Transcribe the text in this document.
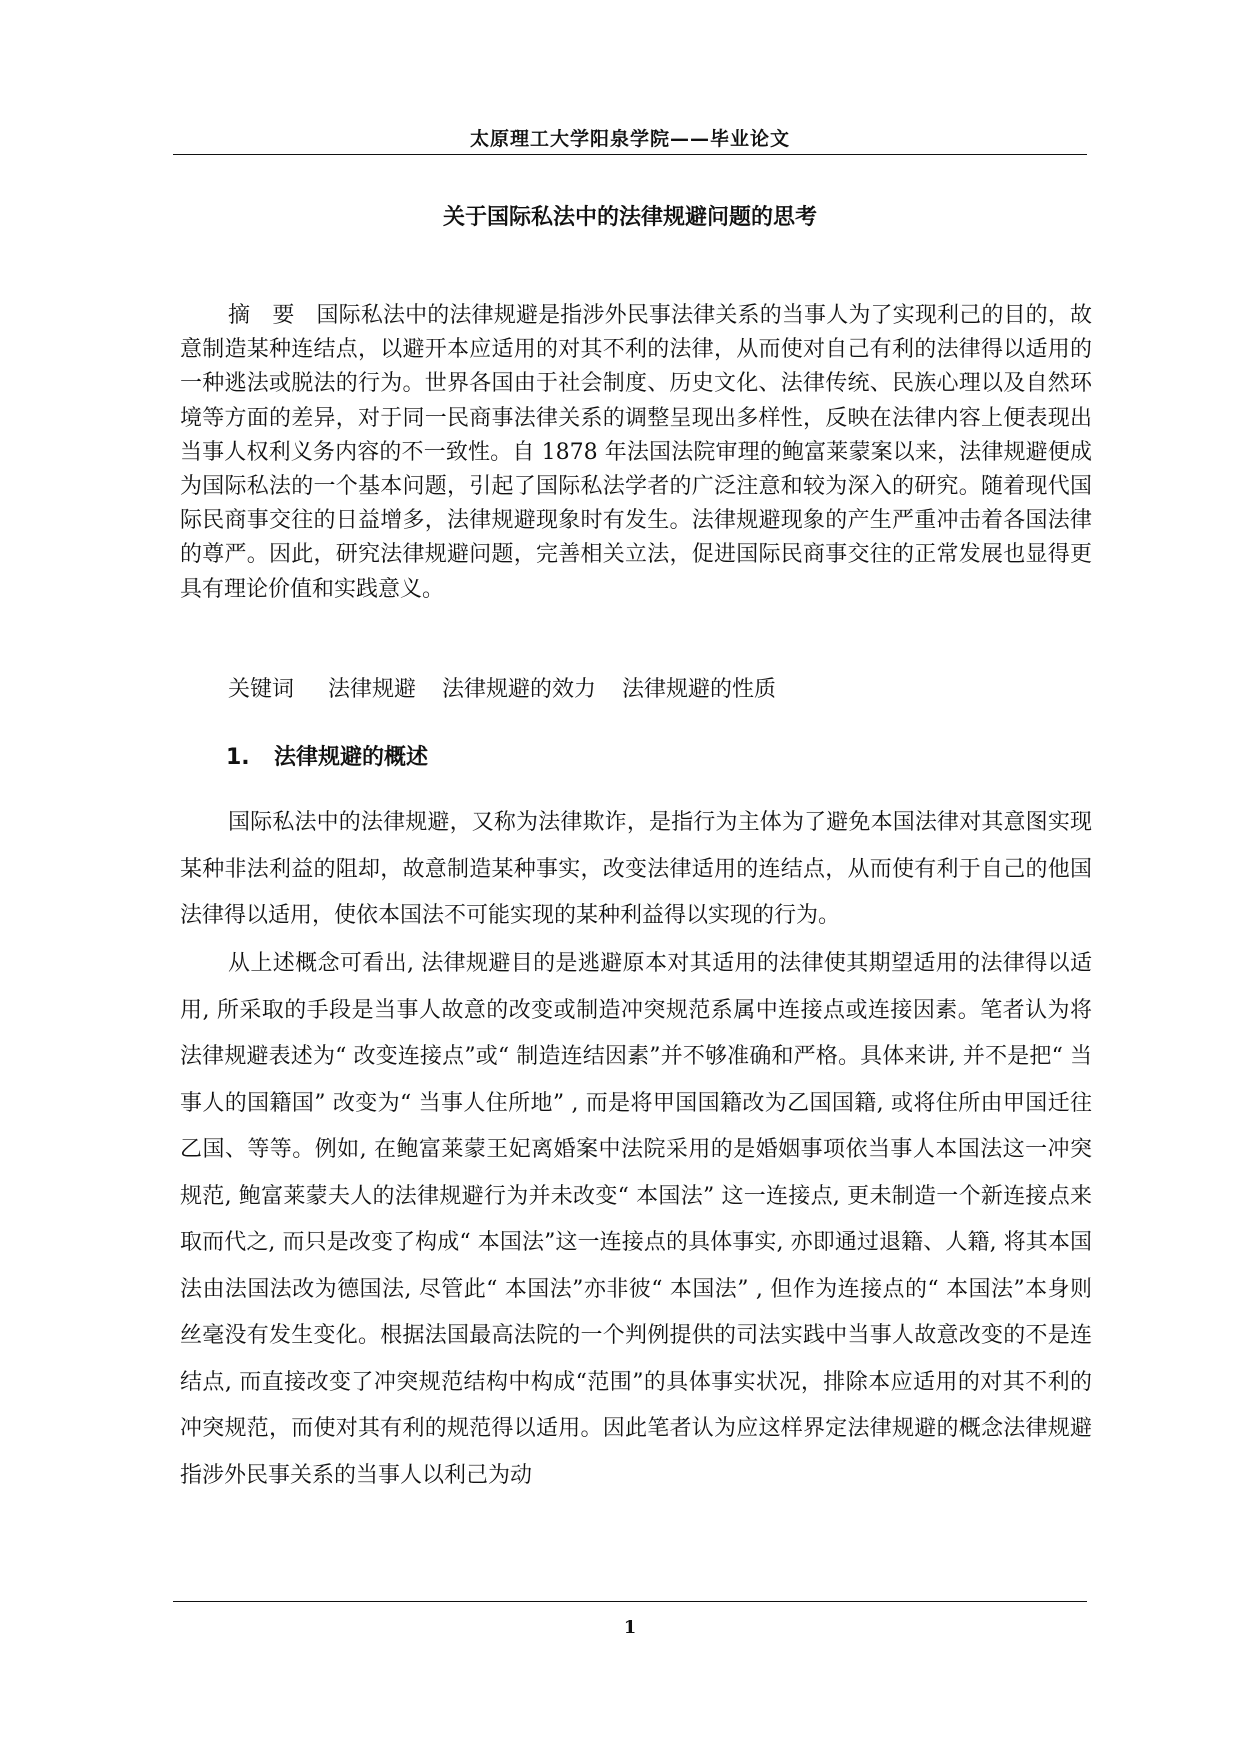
太原理工大学阳泉学院——毕业论文
关于国际私法中的法律规避问题的思考

摘 要 国际私法中的法律规避是指涉外民事法律关系的当事人为了实现利己的目的，故意制造某种连结点，以避开本应适用的对其不利的法律，从而使对自己有利的法律得以适用的一种逃法或脱法的行为。世界各国由于社会制度、历史文化、法律传统、民族心理以及自然环境等方面的差异，对于同一民商事法律关系的调整呈现出多样性，反映在法律内容上便表现出当事人权利义务内容的不一致性。自 1878 年法国法院审理的鲍富莱蒙案以来，法律规避便成为国际私法的一个基本问题，引起了国际私法学者的广泛注意和较为深入的研究。随着现代国际民商事交往的日益增多，法律规避现象时有发生。法律规避现象的产生严重冲击着各国法律的尊严。因此，研究法律规避问题，完善相关立法，促进国际民商事交往的正常发展也显得更具有理论价值和实践意义。

关键词 法律规避 法律规避的效力 法律规避的性质
1. 法律规避的概述

国际私法中的法律规避，又称为法律欺诈，是指行为主体为了避免本国法律对其意图实现某种非法利益的阻却，故意制造某种事实，改变法律适用的连结点，从而使有利于自己的他国法律得以适用，使依本国法不可能实现的某种利益得以实现的行为。

从上述概念可看出, 法律规避目的是逃避原本对其适用的法律使其期望适用的法律得以适用, 所采取的手段是当事人故意的改变或制造冲突规范系属中连接点或连接因素。笔者认为将法律规避表述为“ 改变连接点”或“ 制造连结因素”并不够准确和严格。具体来讲, 并不是把“ 当事人的国籍国” 改变为“ 当事人住所地” , 而是将甲国国籍改为乙国国籍, 或将住所由甲国迁往乙国、等等。例如, 在鲍富莱蒙王妃离婚案中法院采用的是婚姻事项依当事人本国法这一冲突规范, 鲍富莱蒙夫人的法律规避行为并未改变“ 本国法” 这一连接点, 更未制造一个新连接点来取而代之, 而只是改变了构成“ 本国法”这一连接点的具体事实, 亦即通过退籍、人籍, 将其本国法由法国法改为德国法, 尽管此“ 本国法”亦非彼“ 本国法” , 但作为连接点的“ 本国法”本身则丝毫没有发生变化。根据法国最高法院的一个判例提供的司法实践中当事人故意改变的不是连结点, 而直接改变了冲突规范结构中构成“范围”的具体事实状况，排除本应适用的对其不利的冲突规范，而使对其有利的规范得以适用。因此笔者认为应这样界定法律规避的概念法律规避指涉外民事关系的当事人以利己为动

1
